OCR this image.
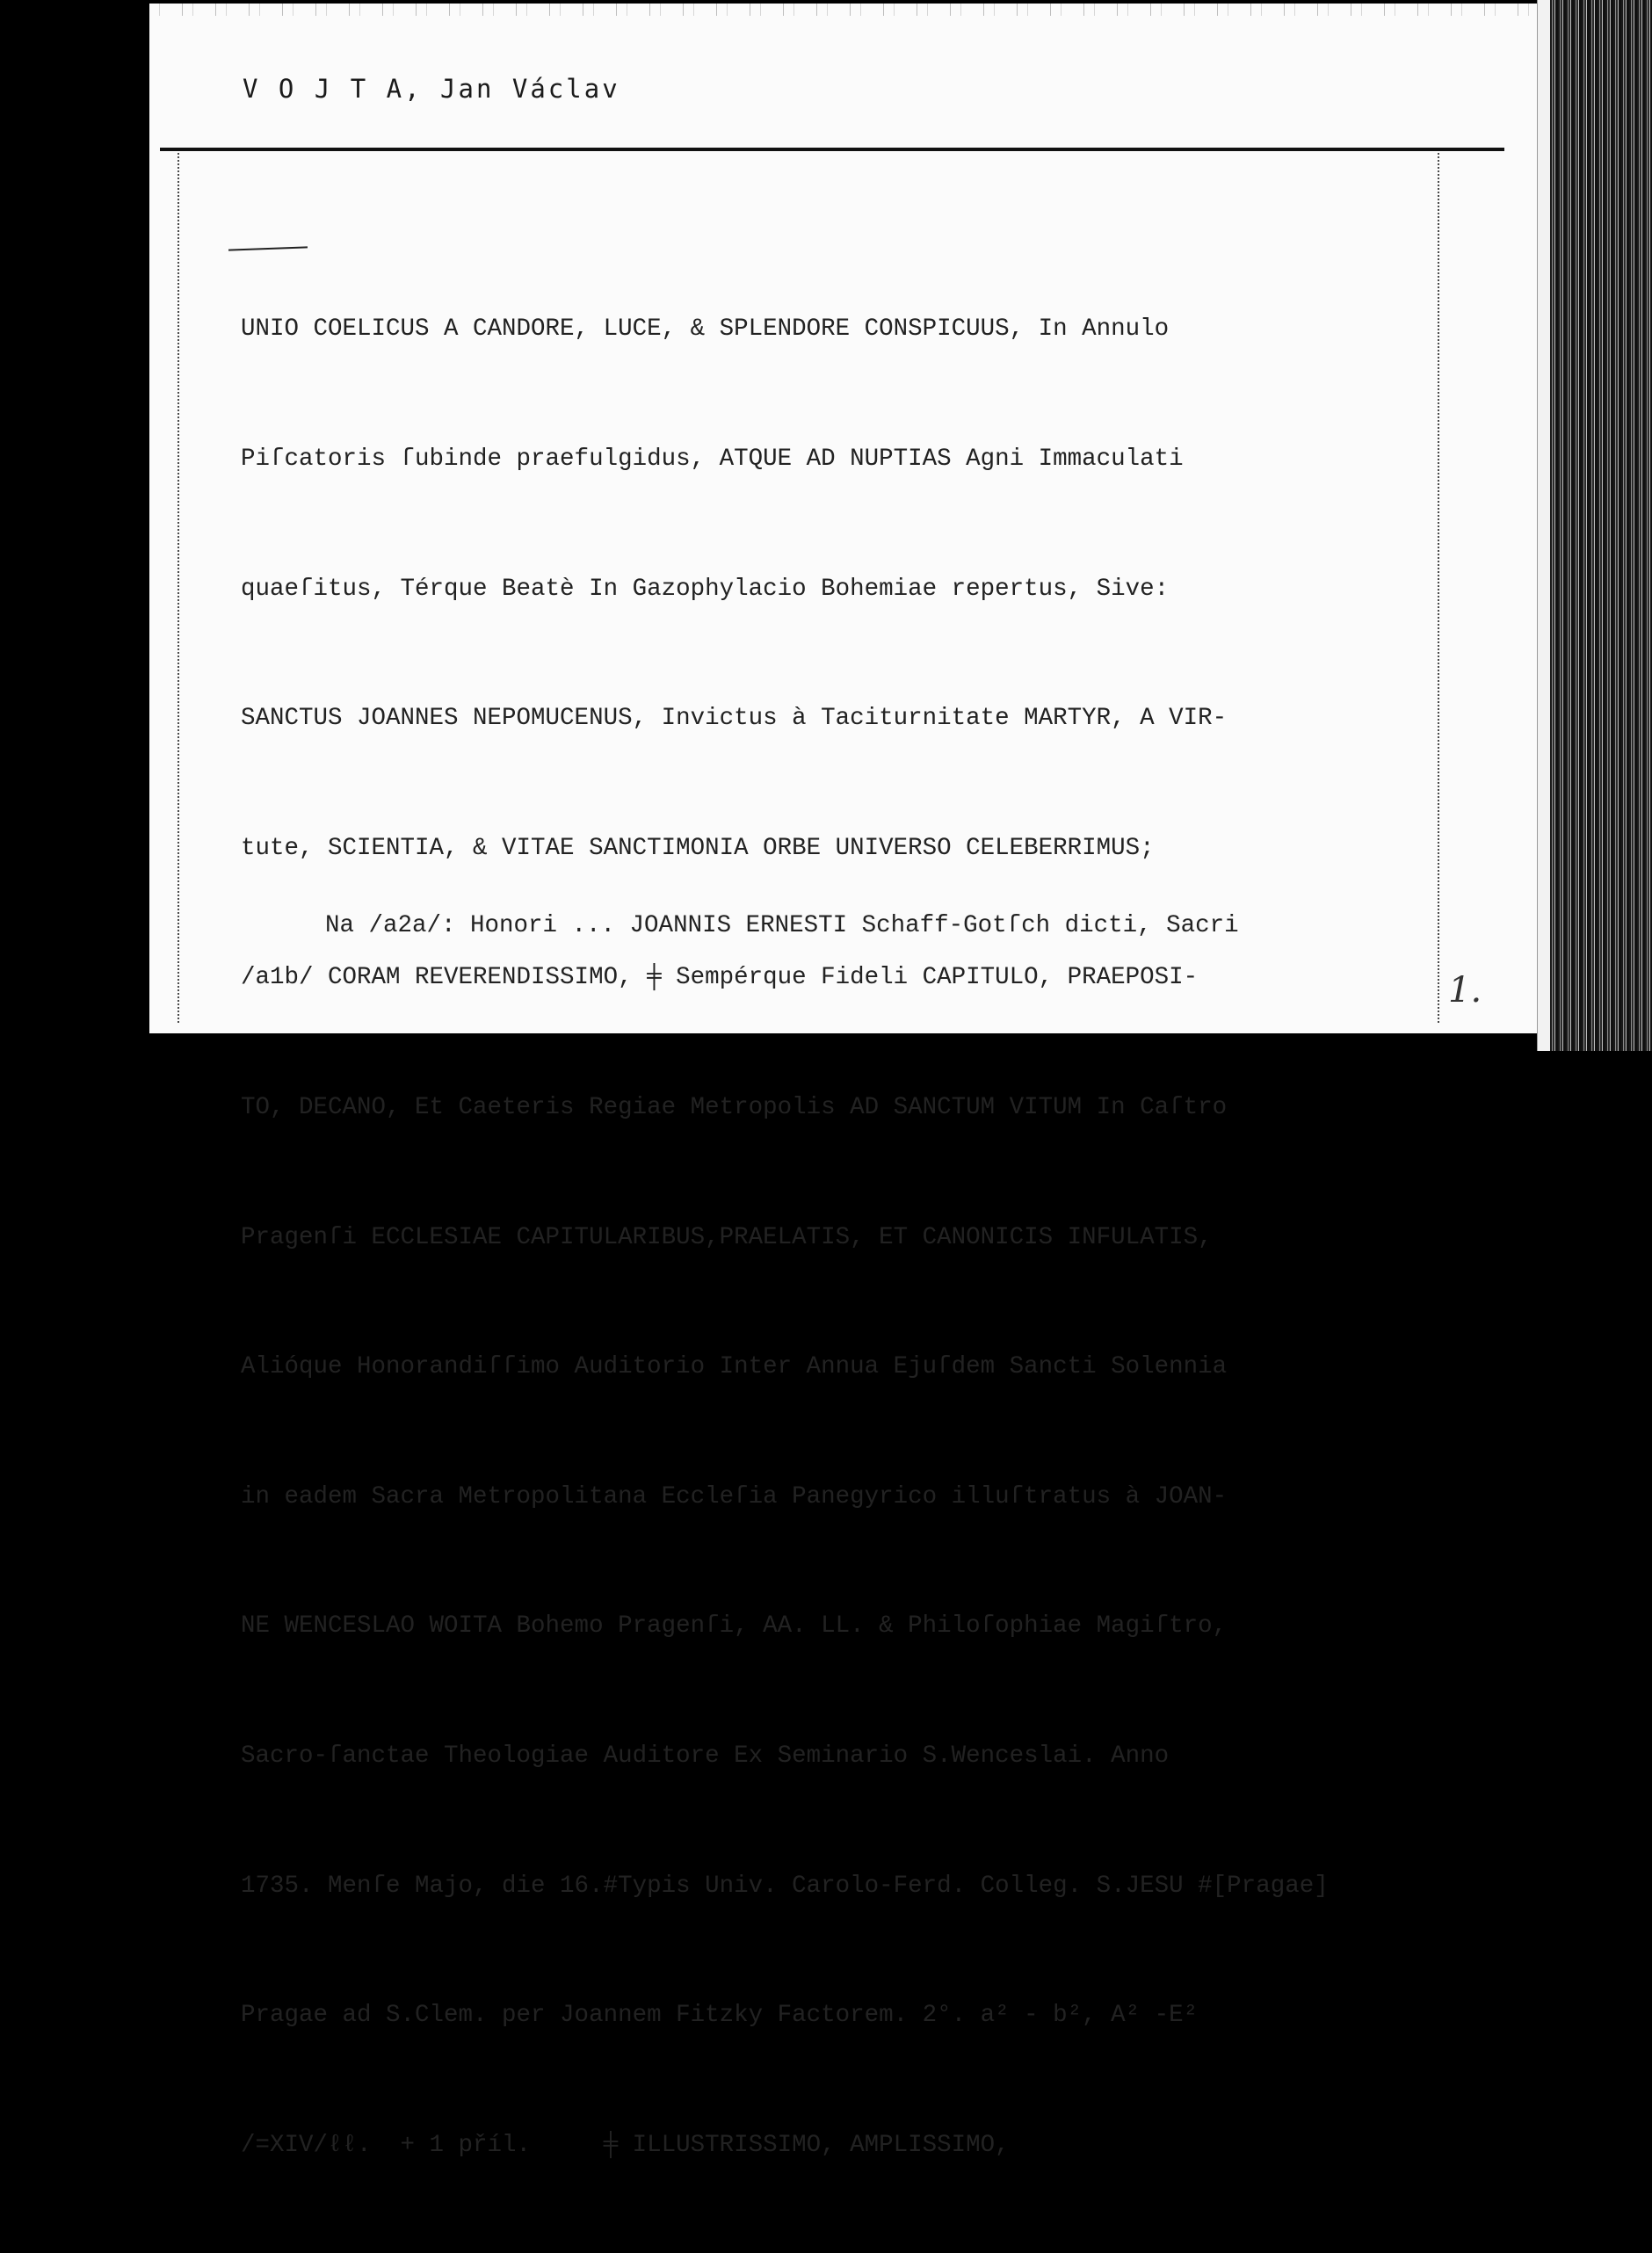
V O J T A, Jan Václav

UNIO COELICUS A CANDORE, LUCE, & SPLENDORE CONSPICUUS, In Annulo

Piſcatoris ſubinde praefulgidus, ATQUE AD NUPTIAS Agni Immaculati

quaeſitus, Térque Beatè In Gazophylacio Bohemiae repertus, Sive:

SANCTUS JOANNES NEPOMUCENUS, Invictus à Taciturnitate MARTYR, A VIR-

tute, SCIENTIA, & VITAE SANCTIMONIA ORBE UNIVERSO CELEBERRIMUS;

/a1b/ CORAM REVERENDISSIMO, ╪ Sempérque Fideli CAPITULO, PRAEPOSI-

TO, DECANO, Et Caeteris Regiae Metropolis AD SANCTUM VITUM In Caſtro

Pragenſi ECCLESIAE CAPITULARIBUS,PRAELATIS, ET CANONICIS INFULATIS,

Alióque Honorandiſſimo Auditorio Inter Annua Ejuſdem Sancti Solennia

in eadem Sacra Metropolitana Eccleſia Panegyrico illuſtratus à JOAN-

NE WENCESLAO WOITA Bohemo Pragenſi, AA. LL. & Philoſophiae Magiſtro,

Sacro-ſanctae Theologiae Auditore Ex Seminario S.Wenceslai. Anno

1735. Menſe Majo, die 16.#Typis Univ. Carolo-Ferd. Colleg. S.JESU #[Pragae]

Pragae ad S.Clem. per Joannem Fitzky Factorem. 2°. a² - b², A² -E²

/=XIV/ℓℓ.  + 1 příl.     ╪ ILLUSTRISSIMO, AMPLISSIMO,

Na /a2a/: Honori ... JOANNIS ERNESTI Schaff-Gotſch dicti, Sacri
1.
